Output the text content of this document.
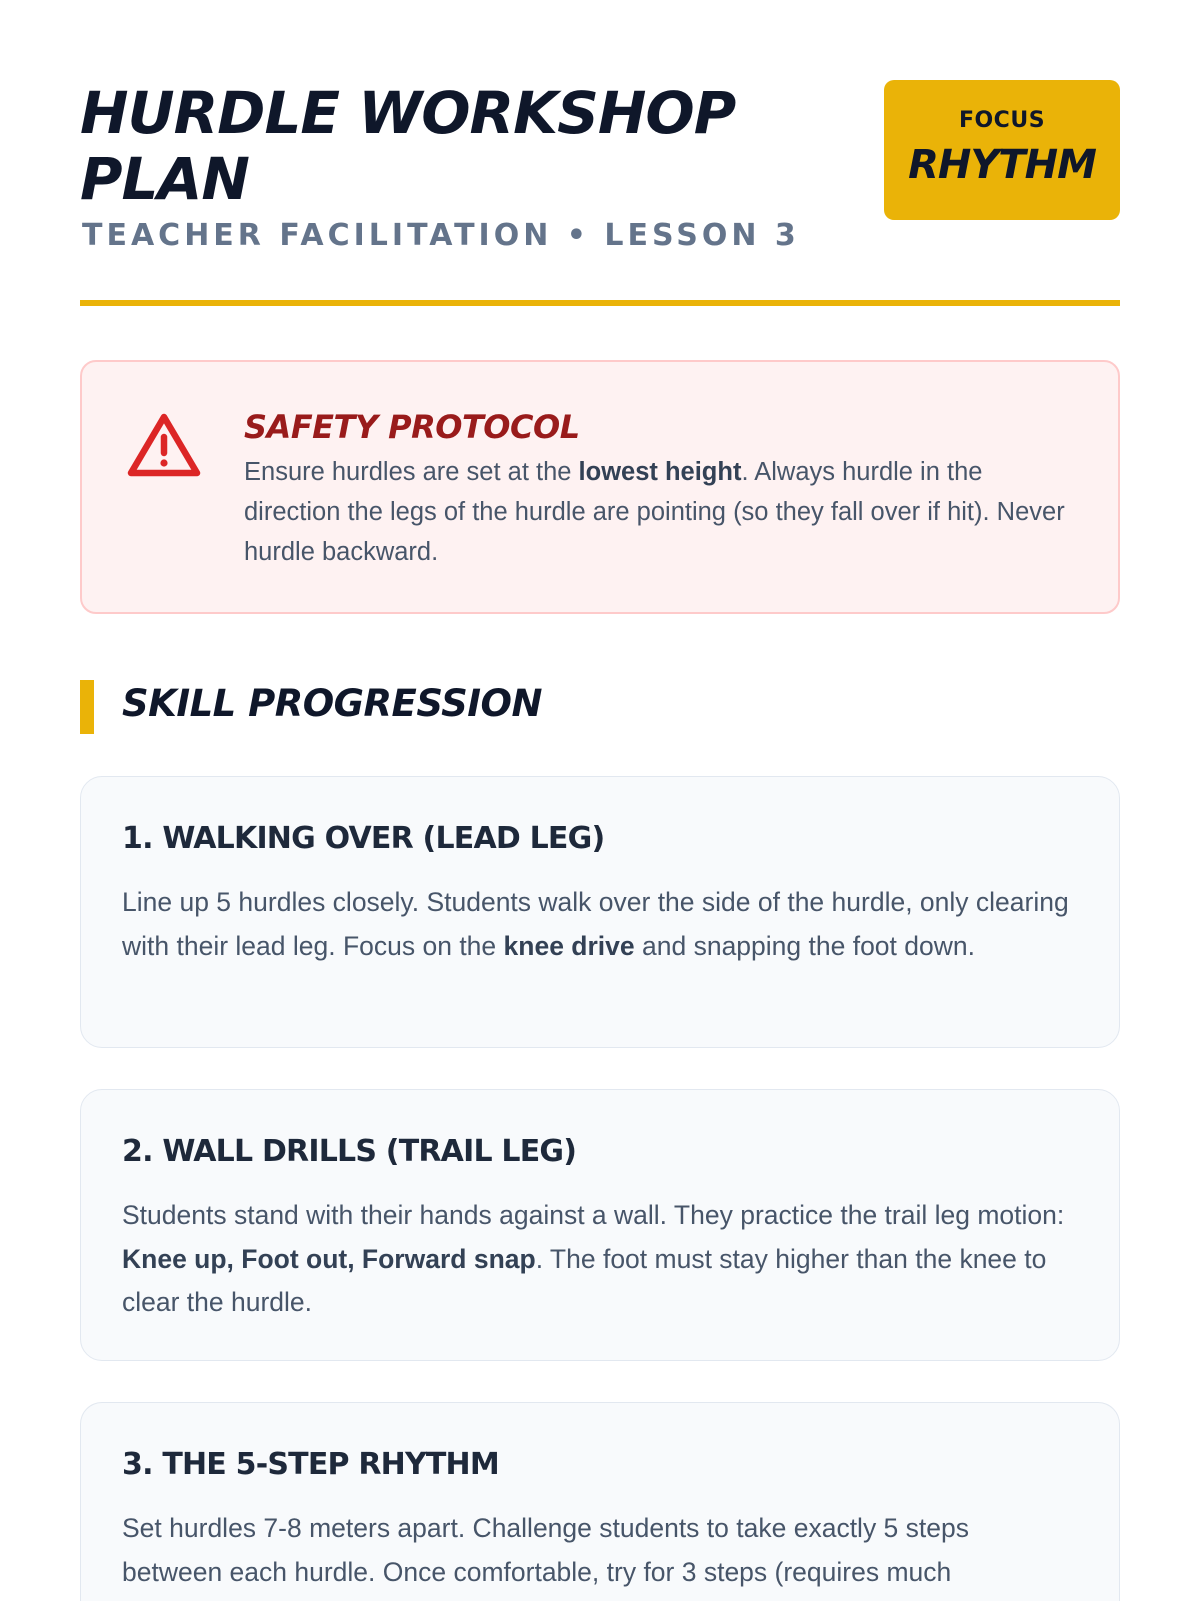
HURDLE WORKSHOP PLAN
TEACHER FACILITATION • LESSON 3
FOCUS
RHYTHM
SAFETY PROTOCOL

Ensure hurdles are set at the lowest height. Always hurdle in the direction the legs of the hurdle are pointing (so they fall over if hit). Never hurdle backward.

SKILL PROGRESSION
1. WALKING OVER (LEAD LEG)

Line up 5 hurdles closely. Students walk over the side of the hurdle, only clearing with their lead leg. Focus on the knee drive and snapping the foot down.

2. WALL DRILLS (TRAIL LEG)

Students stand with their hands against a wall. They practice the trail leg motion: Knee up, Foot out, Forward snap. The foot must stay higher than the knee to clear the hurdle.

3. THE 5-STEP RHYTHM

Set hurdles 7-8 meters apart. Challenge students to take exactly 5 steps between each hurdle. Once comfortable, try for 3 steps (requires much
